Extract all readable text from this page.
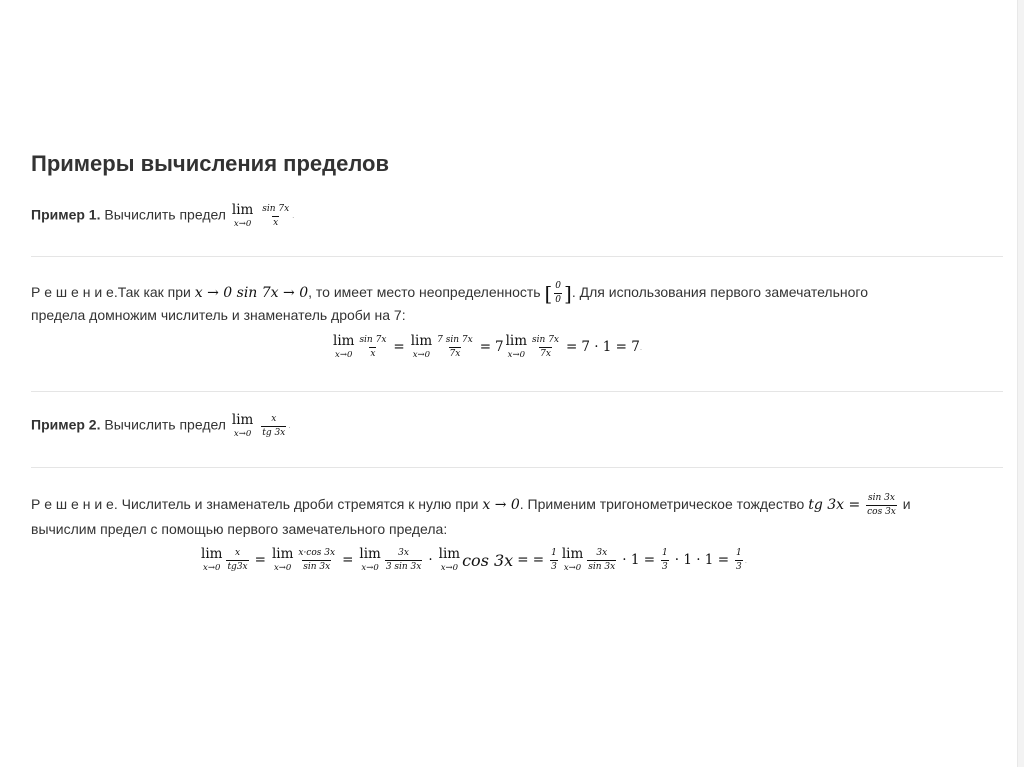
Примеры вычисления пределов
Пример 1. Вычислить предел lim
x→0
$\frac{\sin 7x}{x}$ .
Р е ш е н и е.Так как при x → 0 sin 7x → 0, то имеет место неопределенность [ $\frac{0}{0}$ ]. Для использования первого замечательного
предела домножим числитель и знаменатель дроби на 7:
lim
$x\to 0 \frac{\sin 7x}{x} = \lim$
$x\to 0 \frac{7 \sin 7x}{7x} = 7$ lim
$x\to 0 \frac{\sin 7x}{7x} = 7 \cdot 1 = 7$ .
Пример 2. Вычислить предел lim
x→0
$\frac{x}{tg 3x}$ .
Р е ш е н и е. Числитель и знаменатель дроби стремятся к нулю при x → 0. Применим тригонометрическое тождество tg $3x = \frac{\sin 3x}{\cos 3x}$ и
вычислим предел с помощью первого замечательного предела:
lim
$x\to 0 \frac{x}{tg3x} = \lim$
$x\to 0 \frac{x\cdot\cos 3x}{\sin 3x} = \lim$
$x\to 0 \frac{3x}{3 \sin 3x} \cdot \lim$
x→0 cos 3x = = $\frac{1}{3}$ lim
$x\to 0 \frac{3x}{\sin 3x} \cdot 1 = \frac{1}{3} \cdot 1 \cdot 1 = \frac{1}{3}$ .
